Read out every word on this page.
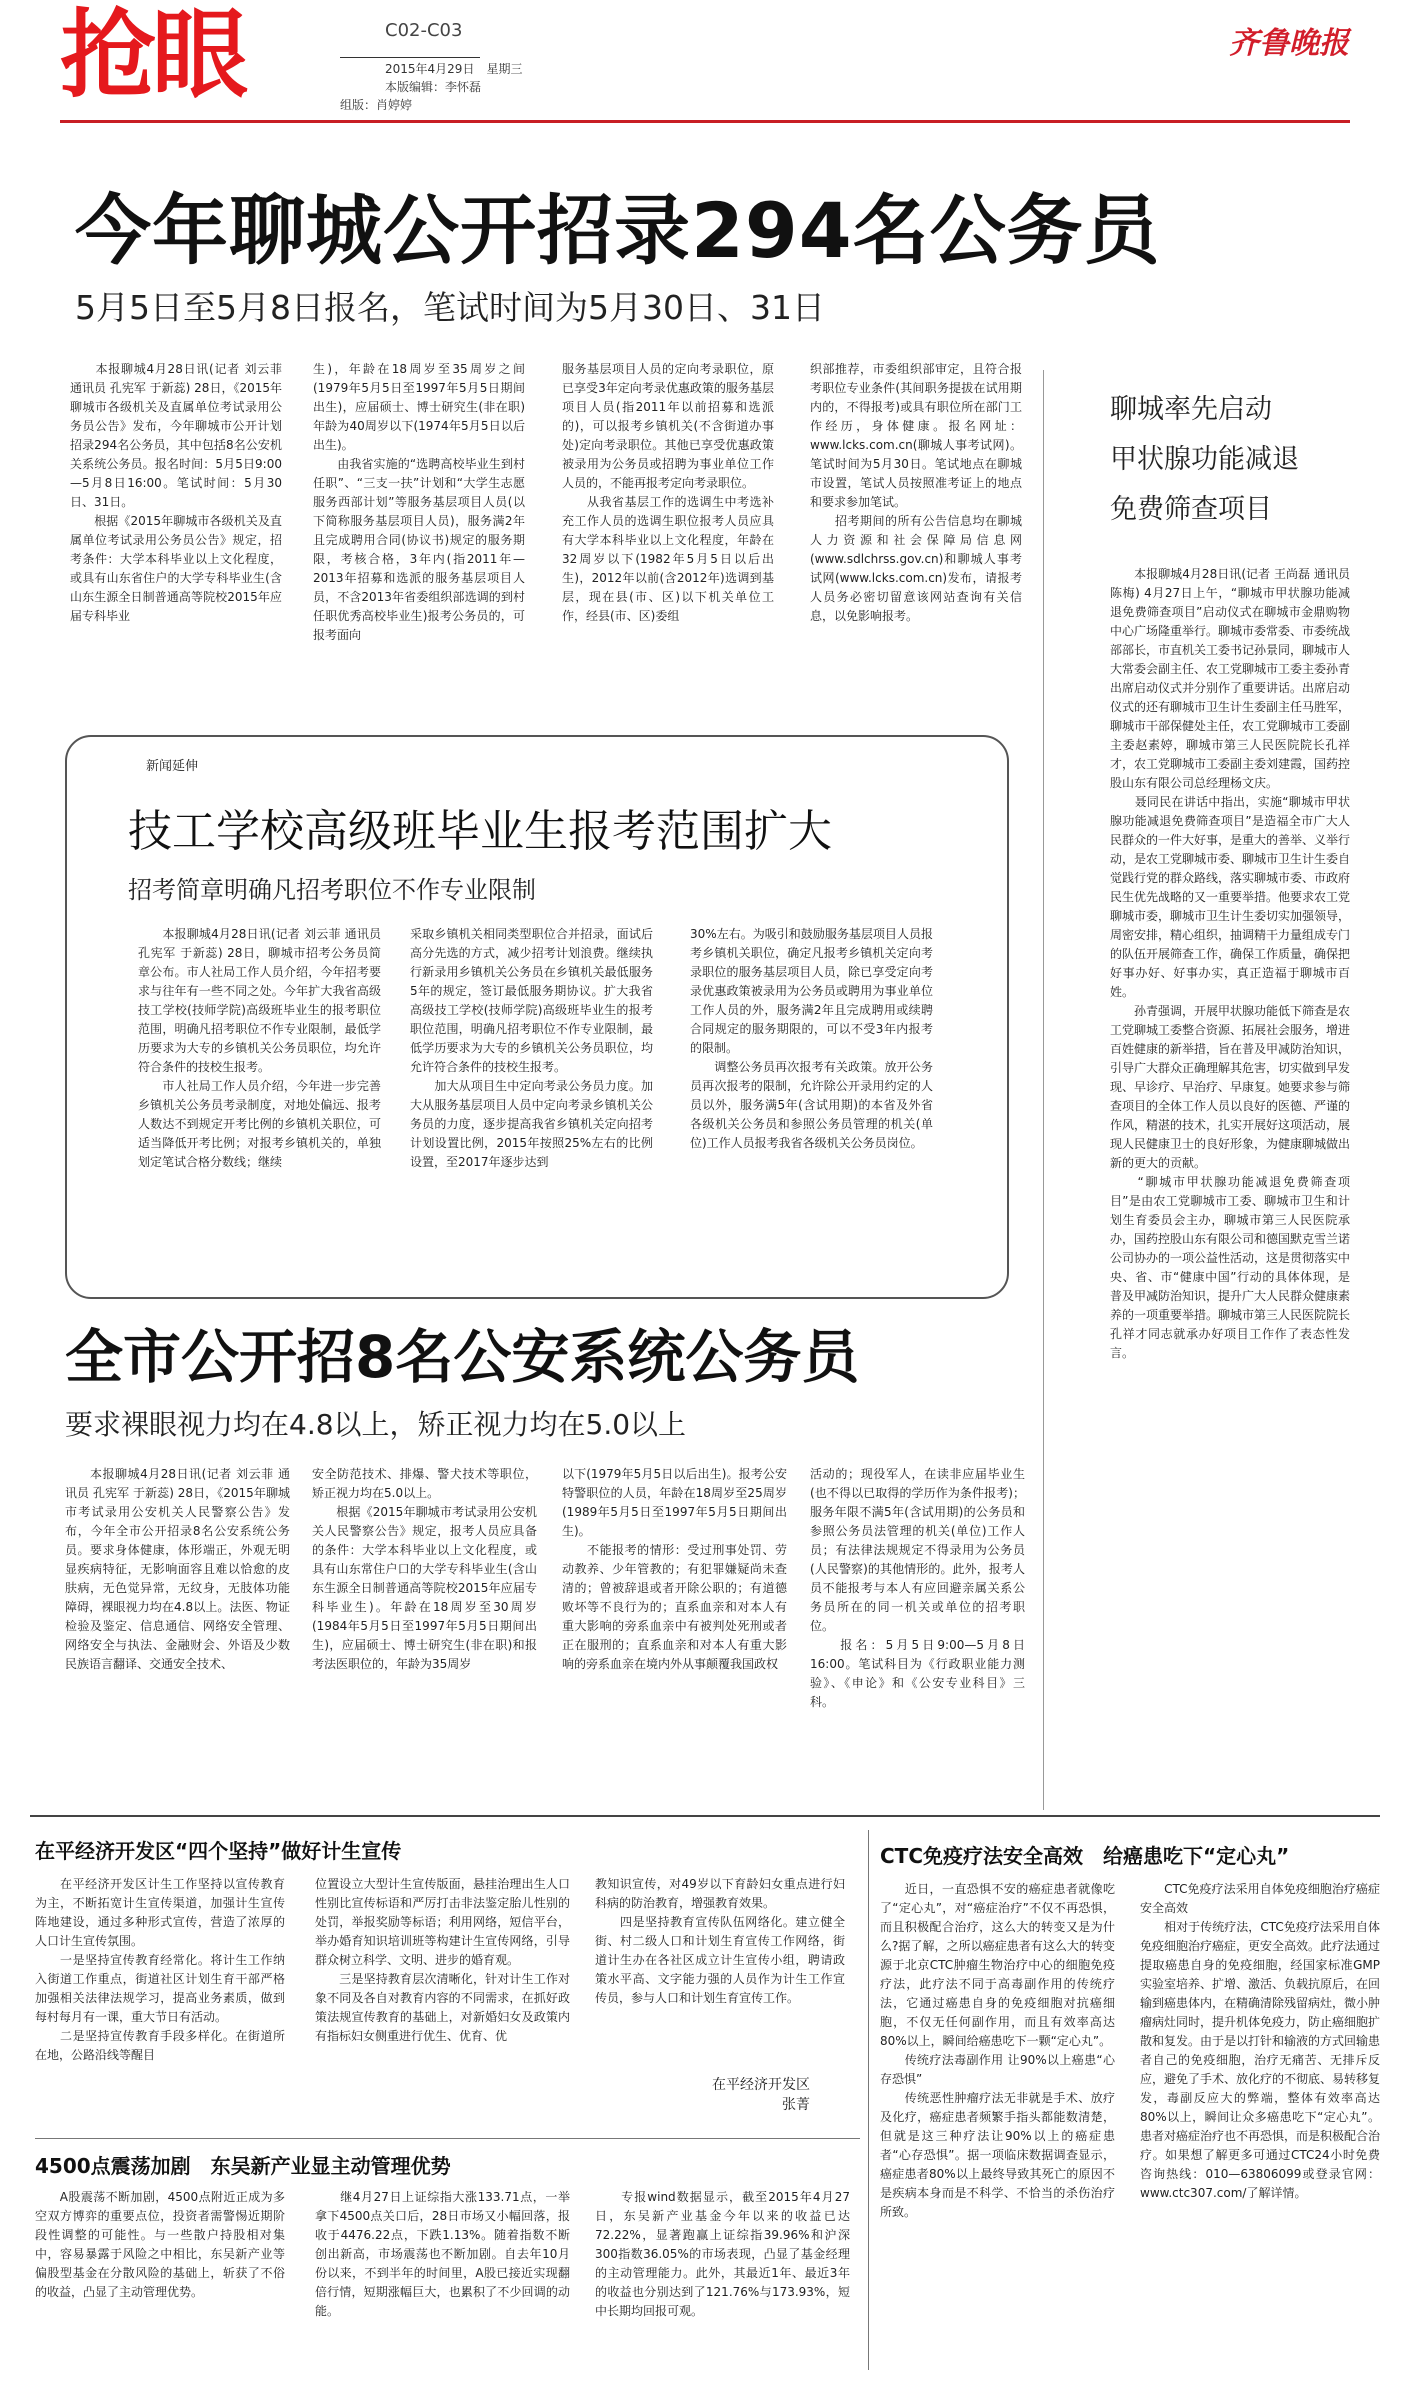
抢眼	C02-C03
2015年4月29日　星期三
本版编辑：李怀磊
组版：肖婷婷
齐鲁晚报
今年聊城公开招录294名公务员
5月5日至5月8日报名，笔试时间为5月30日、31日
　　本报聊城4月28日讯(记者 刘云菲 通讯员 孔宪军 于新蕊) 28日，《2015年聊城市各级机关及直属单位考试录用公务员公告》发布，今年聊城市公开计划招录294名公务员，其中包括8名公安机关系统公务员。报名时间：5月5日9:00—5月8日16:00。笔试时间：5月30日、31日。
　　根据《2015年聊城市各级机关及直属单位考试录用公务员公告》规定，招考条件：大学本科毕业以上文化程度，或具有山东省住户的大学专科毕业生(含山东生源全日制普通高等院校2015年应届专科毕业
生)，年龄在18周岁至35周岁之间(1979年5月5日至1997年5月5日期间出生)，应届硕士、博士研究生(非在职)年龄为40周岁以下(1974年5月5日以后出生)。
　　由我省实施的“选聘高校毕业生到村任职”、“三支一扶”计划和“大学生志愿服务西部计划”等服务基层项目人员(以下简称服务基层项目人员)，服务满2年且完成聘用合同(协议书)规定的服务期限，考核合格，3年内(指2011年—2013年招募和选派的服务基层项目人员，不含2013年省委组织部选调的到村任职优秀高校毕业生)报考公务员的，可报考面向
服务基层项目人员的定向考录职位，原已享受3年定向考录优惠政策的服务基层项目人员(指2011年以前招募和选派的)，可以报考乡镇机关(不含街道办事处)定向考录职位。其他已享受优惠政策被录用为公务员或招聘为事业单位工作人员的，不能再报考定向考录职位。
　　从我省基层工作的选调生中考选补充工作人员的选调生职位报考人员应具有大学本科毕业以上文化程度，年龄在32周岁以下(1982年5月5日以后出生)，2012年以前(含2012年)选调到基层，现在县(市、区)以下机关单位工作，经县(市、区)委组
织部推荐，市委组织部审定，且符合报考职位专业条件(其间职务提拔在试用期内的，不得报考)或具有职位所在部门工作经历，身体健康。报名网址：www.lcks.com.cn(聊城人事考试网)。笔试时间为5月30日。笔试地点在聊城市设置，笔试人员按照准考证上的地点和要求参加笔试。
　　招考期间的所有公告信息均在聊城人力资源和社会保障局信息网(www.sdlchrss.gov.cn)和聊城人事考试网(www.lcks.com.cn)发布，请报考人员务必密切留意该网站查询有关信息，以免影响报考。
新闻延伸
技工学校高级班毕业生报考范围扩大
招考简章明确凡招考职位不作专业限制
　　本报聊城4月28日讯(记者 刘云菲 通讯员 孔宪军 于新蕊) 28日，聊城市招考公务员简章公布。市人社局工作人员介绍，今年招考要求与往年有一些不同之处。今年扩大我省高级技工学校(技师学院)高级班毕业生的报考职位范围，明确凡招考职位不作专业限制，最低学历要求为大专的乡镇机关公务员职位，均允许符合条件的技校生报考。
　　市人社局工作人员介绍，今年进一步完善乡镇机关公务员考录制度，对地处偏远、报考人数达不到规定开考比例的乡镇机关职位，可适当降低开考比例；对报考乡镇机关的，单独划定笔试合格分数线；继续
采取乡镇机关相同类型职位合并招录，面试后高分先选的方式，减少招考计划浪费。继续执行新录用乡镇机关公务员在乡镇机关最低服务5年的规定，签订最低服务期协议。扩大我省高级技工学校(技师学院)高级班毕业生的报考职位范围，明确凡招考职位不作专业限制，最低学历要求为大专的乡镇机关公务员职位，均允许符合条件的技校生报考。
　　加大从项目生中定向考录公务员力度。加大从服务基层项目人员中定向考录乡镇机关公务员的力度，逐步提高我省乡镇机关定向招考计划设置比例，2015年按照25%左右的比例设置，至2017年逐步达到
30%左右。为吸引和鼓励服务基层项目人员报考乡镇机关职位，确定凡报考乡镇机关定向考录职位的服务基层项目人员，除已享受定向考录优惠政策被录用为公务员或聘用为事业单位工作人员的外，服务满2年且完成聘用或续聘合同规定的服务期限的，可以不受3年内报考的限制。
　　调整公务员再次报考有关政策。放开公务员再次报考的限制，允许除公开录用约定的人员以外，服务满5年(含试用期)的本省及外省各级机关公务员和参照公务员管理的机关(单位)工作人员报考我省各级机关公务员岗位。
全市公开招8名公安系统公务员
要求裸眼视力均在4.8以上，矫正视力均在5.0以上
　　本报聊城4月28日讯(记者 刘云菲 通讯员 孔宪军 于新蕊) 28日，《2015年聊城市考试录用公安机关人民警察公告》发布，今年全市公开招录8名公安系统公务员。要求身体健康，体形端正，外观无明显疾病特征，无影响面容且难以恰愈的皮肤病，无色觉异常，无纹身，无肢体功能障碍，裸眼视力均在4.8以上。法医、物证检验及鉴定、信息通信、网络安全管理、网络安全与执法、金融财会、外语及少数民族语言翻译、交通安全技术、
安全防范技术、排爆、警犬技术等职位，矫正视力均在5.0以上。
　　根据《2015年聊城市考试录用公安机关人民警察公告》规定，报考人员应具备的条件：大学本科毕业以上文化程度，或具有山东常住户口的大学专科毕业生(含山东生源全日制普通高等院校2015年应届专科毕业生)。年龄在18周岁至30周岁(1984年5月5日至1997年5月5日期间出生)，应届硕士、博士研究生(非在职)和报考法医职位的，年龄为35周岁
以下(1979年5月5日以后出生)。报考公安特警职位的人员，年龄在18周岁至25周岁(1989年5月5日至1997年5月5日期间出生)。
　　不能报考的情形：受过刑事处罚、劳动教养、少年管教的；有犯罪嫌疑尚未查清的；曾被辞退或者开除公职的；有道德败坏等不良行为的；直系血亲和对本人有重大影响的旁系血亲中有被判处死刑或者正在服刑的；直系血亲和对本人有重大影响的旁系血亲在境内外从事颠覆我国政权
活动的；现役军人，在读非应届毕业生(也不得以已取得的学历作为条件报考)；服务年限不满5年(含试用期)的公务员和参照公务员法管理的机关(单位)工作人员；有法律法规规定不得录用为公务员(人民警察)的其他情形的。此外，报考人员不能报考与本人有应回避亲属关系公务员所在的同一机关或单位的招考职位。
　　报名：5月5日9:00—5月8日16:00。笔试科目为《行政职业能力测验》、《申论》和《公安专业科目》三科。
聊城率先启动
甲状腺功能减退
免费筛查项目
　　本报聊城4月28日讯(记者 王尚磊 通讯员陈梅) 4月27日上午，“聊城市甲状腺功能减退免费筛查项目”启动仪式在聊城市金鼎购物中心广场隆重举行。聊城市委常委、市委统战部部长，市直机关工委书记孙景同，聊城市人大常委会副主任、农工党聊城市工委主委孙青出席启动仪式并分别作了重要讲话。出席启动仪式的还有聊城市卫生计生委副主任马胜军，聊城市干部保健处主任，农工党聊城市工委副主委赵素婷，聊城市第三人民医院院长孔祥才，农工党聊城市工委副主委刘建霞，国药控股山东有限公司总经理杨文庆。
　　聂同民在讲话中指出，实施“聊城市甲状腺功能减退免费筛查项目”是造福全市广大人民群众的一件大好事，是重大的善举、义举行动，是农工党聊城市委、聊城市卫生计生委自觉践行党的群众路线，落实聊城市委、市政府民生优先战略的又一重要举措。他要求农工党聊城市委，聊城市卫生计生委切实加强领导，周密安排，精心组织，抽调精干力量组成专门的队伍开展筛查工作，确保工作质量，确保把好事办好、好事办实，真正造福于聊城市百姓。
　　孙青强调，开展甲状腺功能低下筛查是农工党聊城工委整合资源、拓展社会服务，增进百姓健康的新举措，旨在普及甲减防治知识，引导广大群众正确理解其危害，切实做到早发现、早诊疗、早治疗、早康复。她要求参与筛查项目的全体工作人员以良好的医德、严谨的作风，精湛的技术，扎实开展好这项活动，展现人民健康卫士的良好形象，为健康聊城做出新的更大的贡献。
　　“聊城市甲状腺功能减退免费筛查项目”是由农工党聊城市工委、聊城市卫生和计划生育委员会主办，聊城市第三人民医院承办，国药控股山东有限公司和德国默克雪兰诺公司协办的一项公益性活动，这是贯彻落实中央、省、市“健康中国”行动的具体体现，是普及甲减防治知识，提升广大人民群众健康素养的一项重要举措。聊城市第三人民医院院长孔祥才同志就承办好项目工作作了表态性发言。
在平经济开发区“四个坚持”做好计生宣传
　　在平经济开发区计生工作坚持以宣传教育为主，不断拓宽计生宣传渠道，加强计生宣传阵地建设，通过多种形式宣传，营造了浓厚的人口计生宣传氛围。
　　一是坚持宣传教育经常化。将计生工作纳入街道工作重点，街道社区计划生育干部严格加强相关法律法规学习，提高业务素质，做到每村每月有一课，重大节日有活动。
　　二是坚持宣传教育手段多样化。在街道所在地，公路沿线等醒目
位置设立大型计生宣传版面，悬挂治理出生人口性别比宣传标语和严厉打击非法鉴定胎儿性别的处罚，举报奖励等标语；利用网络，短信平台，举办婚育知识培训班等构建计生宣传网络，引导群众树立科学、文明、进步的婚育观。
　　三是坚持教育层次清晰化，针对计生工作对象不同及各自对教育内容的不同需求，在抓好政策法规宣传教育的基础上，对新婚妇女及政策内有指标妇女侧重进行优生、优育、优
教知识宣传，对49岁以下育龄妇女重点进行妇科病的防治教育，增强教育效果。
　　四是坚持教育宣传队伍网络化。建立健全街、村二级人口和计划生育宣传工作网络，街道计生办在各社区成立计生宣传小组，聘请政策水平高、文字能力强的人员作为计生工作宣传员，参与人口和计划生育宣传工作。
在平经济开发区
张菁
4500点震荡加剧　东吴新产业显主动管理优势
　　A股震荡不断加剧，4500点附近正成为多空双方博弈的重要点位，投资者需警惕近期阶段性调整的可能性。与一些散户持股相对集中，容易暴露于风险之中相比，东吴新产业等偏股型基金在分散风险的基础上，斩获了不俗的收益，凸显了主动管理优势。
　　继4月27日上证综指大涨133.71点，一举拿下4500点关口后，28日市场又小幅回落，报收于4476.22点，下跌1.13%。随着指数不断创出新高，市场震荡也不断加剧。自去年10月份以来，不到半年的时间里，A股已接近实现翻倍行情，短期涨幅巨大，也累积了不少回调的动能。
　　专报wind数据显示，截至2015年4月27日，东吴新产业基金今年以来的收益已达72.22%，显著跑赢上证综指39.96%和沪深300指数36.05%的市场表现，凸显了基金经理的主动管理能力。此外，其最近1年、最近3年的收益也分别达到了121.76%与173.93%，短中长期均回报可观。
CTC免疫疗法安全高效　给癌患吃下“定心丸”
　　近日，一直恐惧不安的癌症患者就像吃了“定心丸”，对“癌症治疗”不仅不再恐惧，而且积极配合治疗，这么大的转变又是为什么?据了解，之所以癌症患者有这么大的转变源于北京CTC肿瘤生物治疗中心的细胞免疫疗法，此疗法不同于高毒副作用的传统疗法，它通过癌患自身的免疫细胞对抗癌细胞，不仅无任何副作用，而且有效率高达80%以上，瞬间给癌患吃下一颗“定心丸”。
　　传统疗法毒副作用 让90%以上癌患“心存恐惧”
　　传统恶性肿瘤疗法无非就是手术、放疗及化疗，癌症患者频繁手指头都能数清楚，但就是这三种疗法让90%以上的癌症患者“心存恐惧”。据一项临床数据调查显示，癌症患者80%以上最终导致其死亡的原因不是疾病本身而是不科学、不恰当的杀伤治疗所致。
　　CTC免疫疗法采用自体免疫细胞治疗癌症 安全高效
　　相对于传统疗法，CTC免疫疗法采用自体免疫细胞治疗癌症，更安全高效。此疗法通过提取癌患自身的免疫细胞，经国家标准GMP实验室培养、扩增、激活、负载抗原后，在回输到癌患体内，在精确清除残留病灶，微小肿瘤病灶同时，提升机体免疫力，防止癌细胞扩散和复发。由于是以打针和输液的方式回输患者自己的免疫细胞，治疗无痛苦、无排斥反应，避免了手术、放化疗的不彻底、易转移复发，毒副反应大的弊端，整体有效率高达80%以上，瞬间让众多癌患吃下“定心丸”。患者对癌症治疗也不再恐惧，而是积极配合治疗。如果想了解更多可通过CTC24小时免费咨询热线：010—63806099或登录官网：www.ctc307.com/了解详情。
